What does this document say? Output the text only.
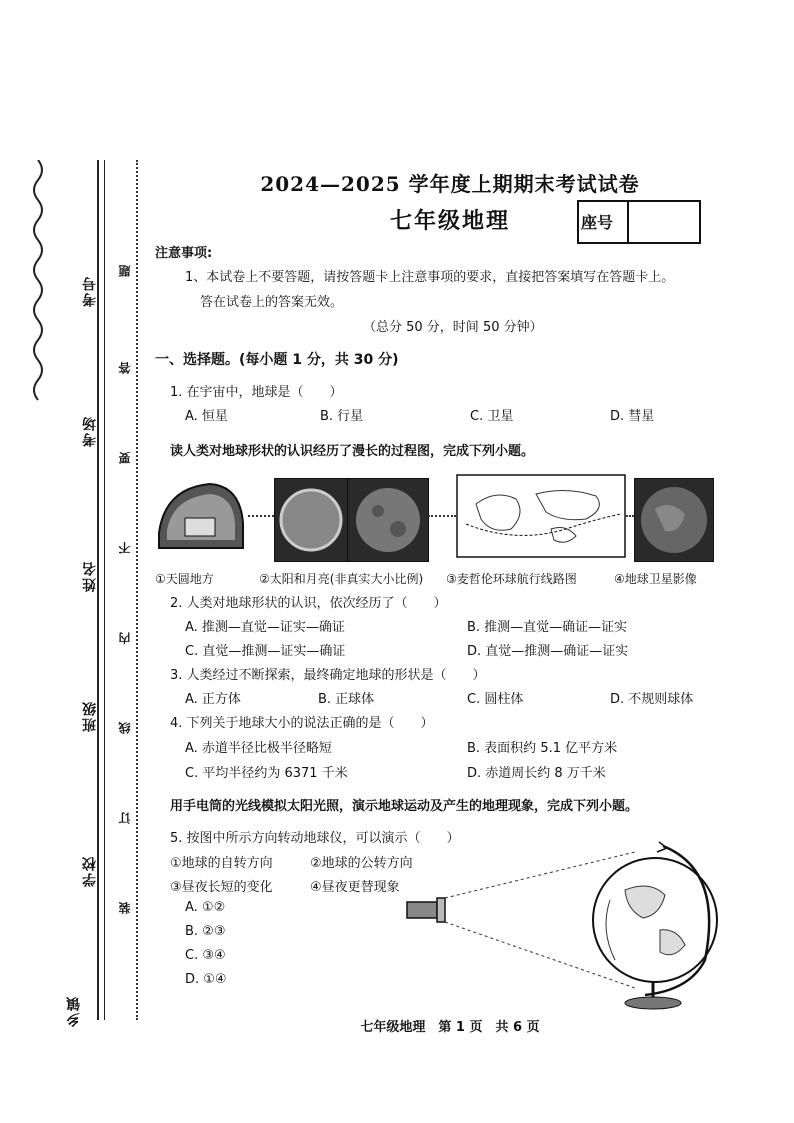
考号
考场
姓名
班级
学校
乡镇
题
答
要
不
内
线
订
装
2024—2025 学年度上期期末考试试卷
七年级地理	座号
注意事项:
1、本试卷上不要答题，请按答题卡上注意事项的要求，直接把答案填写在答题卡上。
答在试卷上的答案无效。
（总分 50 分，时间 50 分钟）
一、选择题。(每小题 1 分，共 30 分)
1. 在宇宙中，地球是（　　）
A. 恒星	B. 行星	C. 卫星	D. 彗星
读人类对地球形状的认识经历了漫长的过程图，完成下列小题。
①天圆地方	②太阳和月亮(非真实大小比例) ③麦哲伦环球航行线路图	④地球卫星影像
2. 人类对地球形状的认识，依次经历了（　　）
A. 推测—直觉—证实—确证	B. 推测—直觉—确证—证实
C. 直觉—推测—证实—确证	D. 直觉—推测—确证—证实
3. 人类经过不断探索，最终确定地球的形状是（　　）
A. 正方体	B. 正球体	C. 圆柱体	D. 不规则球体
4. 下列关于地球大小的说法正确的是（　　）
A. 赤道半径比极半径略短	B. 表面积约 5.1 亿平方米
C. 平均半径约为 6371 千米	D. 赤道周长约 8 万千米
用手电筒的光线模拟太阳光照，演示地球运动及产生的地理现象，完成下列小题。
5. 按图中所示方向转动地球仪，可以演示（　　）
①地球的自转方向	②地球的公转方向
③昼夜长短的变化	④昼夜更替现象
A. ①②
B. ②③
C. ③④
D. ①④
七年级地理　第 1 页　共 6 页
